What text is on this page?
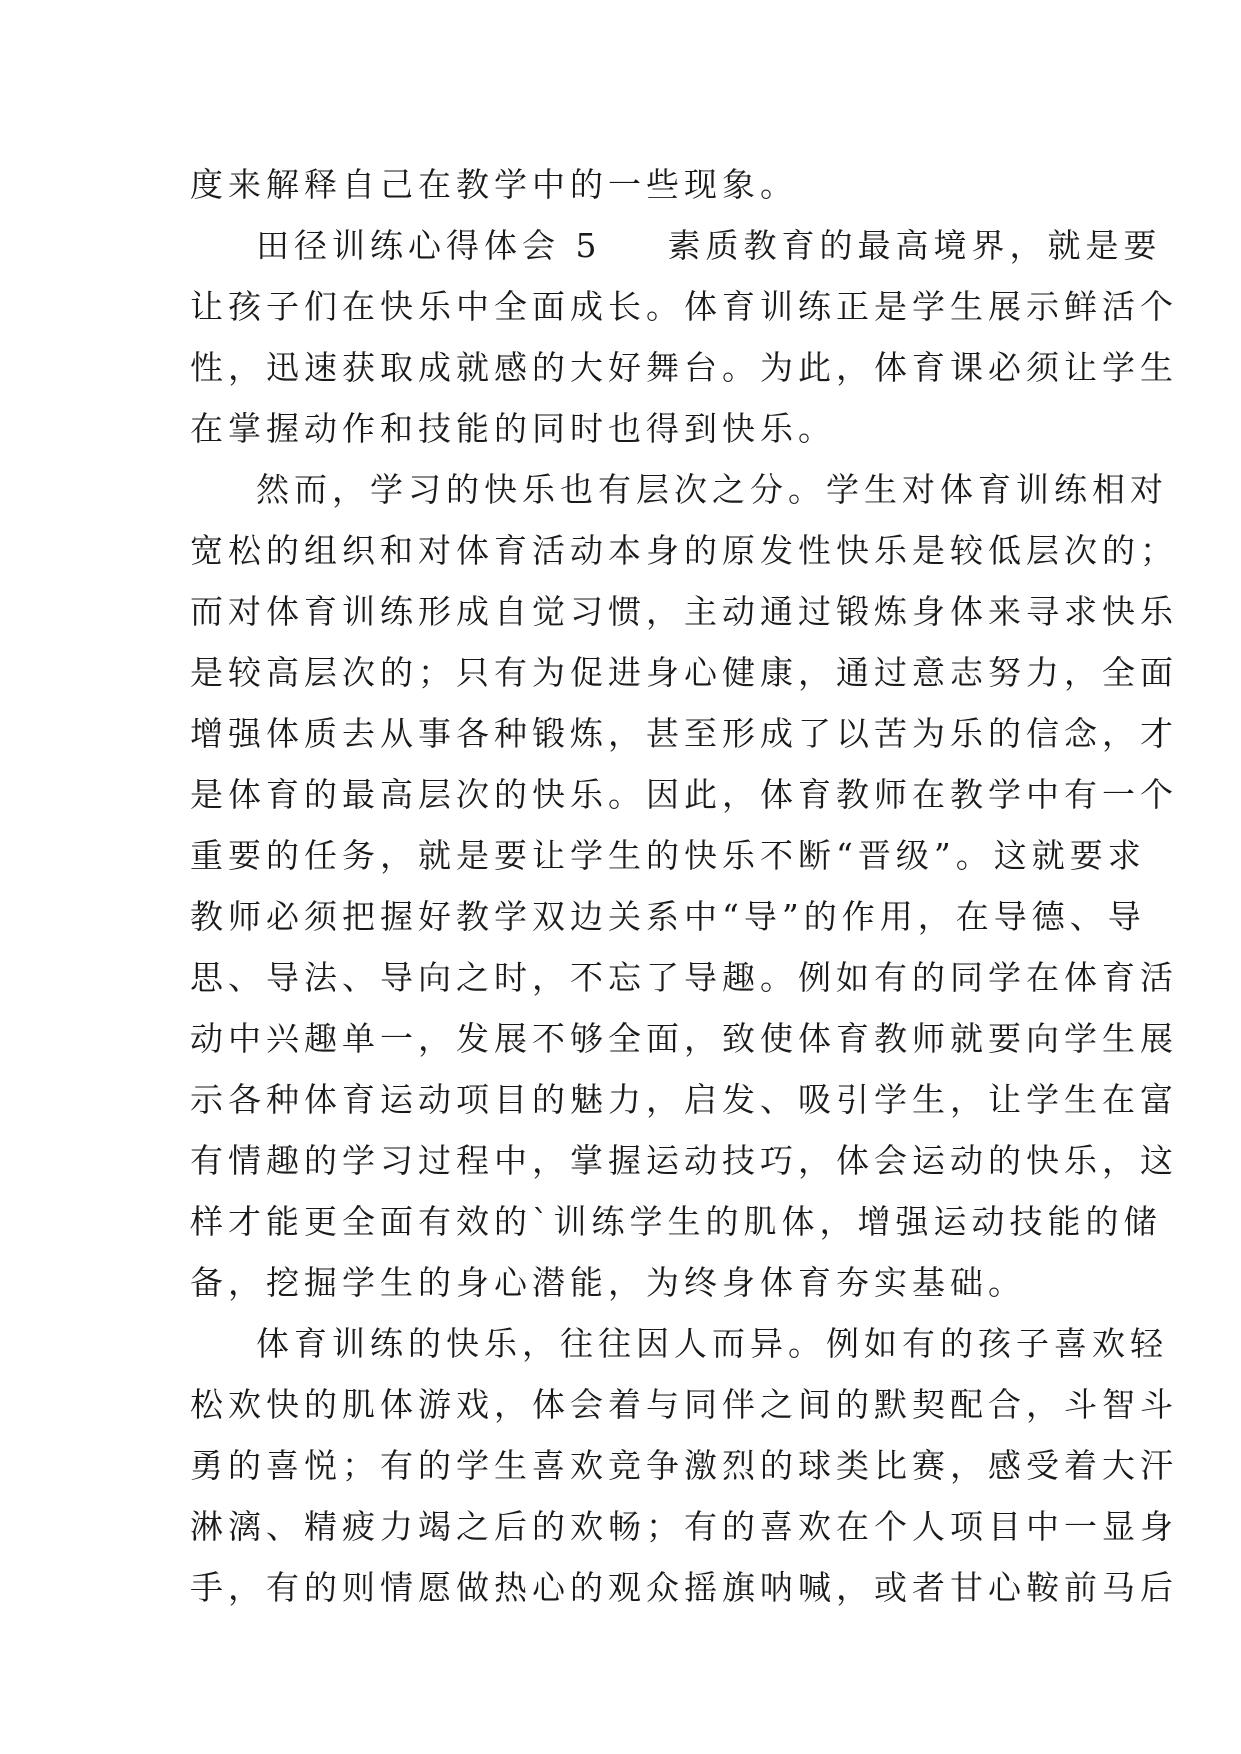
度来解释自己在教学中的一些现象。
田径训练心得体会 5 素质教育的最高境界，就是要
让孩子们在快乐中全面成长。体育训练正是学生展示鲜活个
性，迅速获取成就感的大好舞台。为此，体育课必须让学生
在掌握动作和技能的同时也得到快乐。
然而，学习的快乐也有层次之分。学生对体育训练相对
宽松的组织和对体育活动本身的原发性快乐是较低层次的；
而对体育训练形成自觉习惯，主动通过锻炼身体来寻求快乐
是较高层次的；只有为促进身心健康，通过意志努力，全面
增强体质去从事各种锻炼，甚至形成了以苦为乐的信念，才
是体育的最高层次的快乐。因此，体育教师在教学中有一个
重要的任务，就是要让学生的快乐不断“晋级”。这就要求
教师必须把握好教学双边关系中“导”的作用，在导德、导
思、导法、导向之时，不忘了导趣。例如有的同学在体育活
动中兴趣单一，发展不够全面，致使体育教师就要向学生展
示各种体育运动项目的魅力，启发、吸引学生，让学生在富
有情趣的学习过程中，掌握运动技巧，体会运动的快乐，这
样才能更全面有效的`训练学生的肌体，增强运动技能的储
备，挖掘学生的身心潜能，为终身体育夯实基础。
体育训练的快乐，往往因人而异。例如有的孩子喜欢轻
松欢快的肌体游戏，体会着与同伴之间的默契配合，斗智斗
勇的喜悦；有的学生喜欢竞争激烈的球类比赛，感受着大汗
淋漓、精疲力竭之后的欢畅；有的喜欢在个人项目中一显身
手，有的则情愿做热心的观众摇旗呐喊，或者甘心鞍前马后
